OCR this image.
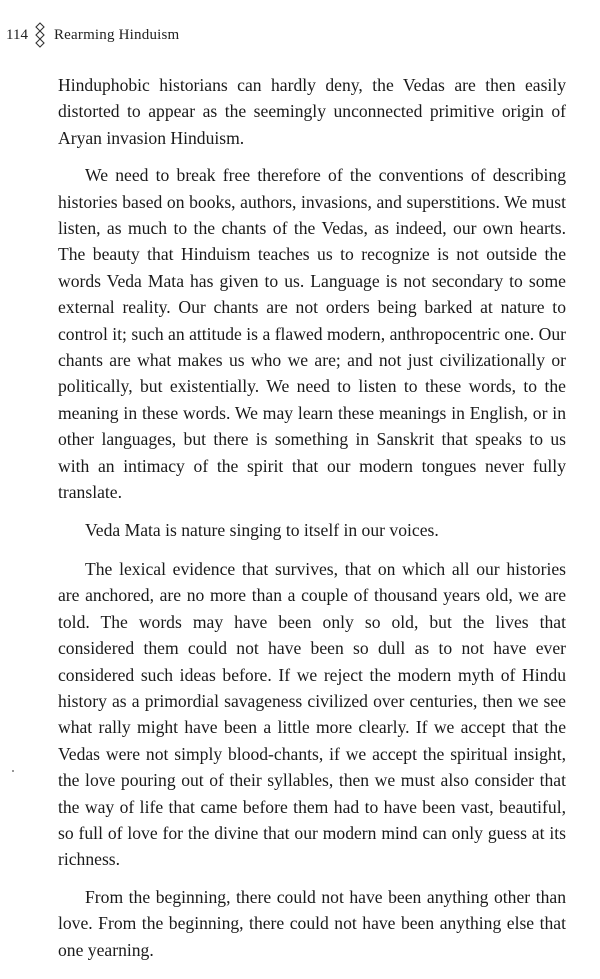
114 Rearming Hinduism

Hinduphobic historians can hardly deny, the Vedas are then easily distorted to appear as the seemingly unconnected primitive origin of Aryan invasion Hinduism.

We need to break free therefore of the conventions of describing histories based on books, authors, invasions, and superstitions. We must listen, as much to the chants of the Vedas, as indeed, our own hearts. The beauty that Hinduism teaches us to recognize is not outside the words Veda Mata has given to us. Language is not secondary to some external reality. Our chants are not orders being barked at nature to control it; such an attitude is a flawed modern, anthropocentric one. Our chants are what makes us who we are; and not just civilizationally or politically, but existentially. We need to listen to these words, to the meaning in these words. We may learn these meanings in English, or in other languages, but there is something in Sanskrit that speaks to us with an intimacy of the spirit that our modern tongues never fully translate.

Veda Mata is nature singing to itself in our voices.

The lexical evidence that survives, that on which all our histories are anchored, are no more than a couple of thousand years old, we are told. The words may have been only so old, but the lives that considered them could not have been so dull as to not have ever considered such ideas before. If we reject the modern myth of Hindu history as a primordial savageness civilized over centuries, then we see what rally might have been a little more clearly. If we accept that the Vedas were not simply blood-chants, if we accept the spiritual insight, the love pouring out of their syllables, then we must also consider that the way of life that came before them had to have been vast, beautiful, so full of love for the divine that our modern mind can only guess at its richness.

From the beginning, there could not have been anything other than love. From the beginning, there could not have been anything else that one yearning.
